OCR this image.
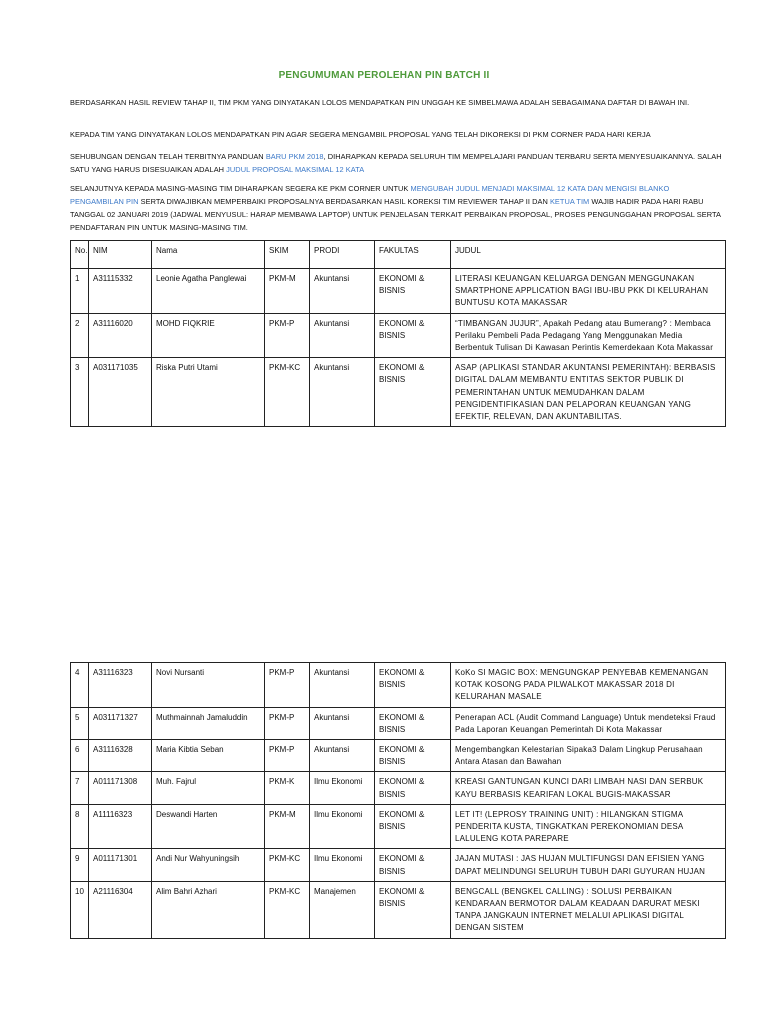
PENGUMUMAN PEROLEHAN PIN BATCH II
BERDASARKAN HASIL REVIEW TAHAP II, TIM PKM YANG DINYATAKAN LOLOS MENDAPATKAN PIN UNGGAH KE SIMBELMAWA ADALAH SEBAGAIMANA DAFTAR DI BAWAH INI.
KEPADA TIM YANG DINYATAKAN LOLOS MENDAPATKAN PIN AGAR SEGERA MENGAMBIL PROPOSAL YANG TELAH DIKOREKSI DI PKM CORNER PADA HARI KERJA
SEHUBUNGAN DENGAN TELAH TERBITNYA PANDUAN BARU PKM 2018, DIHARAPKAN KEPADA SELURUH TIM MEMPELAJARI PANDUAN TERBARU SERTA MENYESUAIKANNYA. SALAH SATU YANG HARUS DISESUAIKAN ADALAH JUDUL PROPOSAL MAKSIMAL 12 KATA
SELANJUTNYA KEPADA MASING-MASING TIM DIHARAPKAN SEGERA KE PKM CORNER UNTUK MENGUBAH JUDUL MENJADI MAKSIMAL 12 KATA DAN MENGISI BLANKO PENGAMBILAN PIN SERTA DIWAJIBKAN MEMPERBAIKI PROPOSALNYA BERDASARKAN HASIL KOREKSI TIM REVIEWER TAHAP II DAN KETUA TIM WAJIB HADIR PADA HARI RABU TANGGAL 02 JANUARI 2019 (JADWAL MENYUSUL: HARAP MEMBAWA LAPTOP) UNTUK PENJELASAN TERKAIT PERBAIKAN PROPOSAL, PROSES PENGUNGGAHAN PROPOSAL SERTA PENDAFTARAN PIN UNTUK MASING-MASING TIM.
No.	NIM	Nama	SKIM	PRODI	FAKULTAS	JUDUL
1	A31115332	Leonie Agatha Panglewai	PKM-M	Akuntansi	EKONOMI & BISNIS	LITERASI KEUANGAN KELUARGA DENGAN MENGGUNAKAN SMARTPHONE APPLICATION BAGI IBU-IBU PKK DI KELURAHAN BUNTUSU KOTA MAKASSAR
2	A31116020	MOHD FIQKRIE	PKM-P	Akuntansi	EKONOMI & BISNIS	“TIMBANGAN JUJUR”, Apakah Pedang atau Bumerang? : Membaca Perilaku Pembeli Pada Pedagang Yang Menggunakan Media Berbentuk Tulisan Di Kawasan Perintis Kemerdekaan Kota Makassar
3	A031171035	Riska Putri Utami	PKM-KC	Akuntansi	EKONOMI & BISNIS	ASAP (APLIKASI STANDAR AKUNTANSI PEMERINTAH): BERBASIS DIGITAL DALAM MEMBANTU ENTITAS SEKTOR PUBLIK DI PEMERINTAHAN UNTUK MEMUDAHKAN DALAM PENGIDENTIFIKASIAN DAN PELAPORAN KEUANGAN YANG EFEKTIF, RELEVAN, DAN AKUNTABILITAS.
4	A31116323	Novi Nursanti	PKM-P	Akuntansi	EKONOMI & BISNIS	KoKo SI MAGIC BOX: MENGUNGKAP PENYEBAB KEMENANGAN KOTAK KOSONG PADA PILWALKOT MAKASSAR 2018 DI KELURAHAN MASALE
5	A031171327	Muthmainnah Jamaluddin	PKM-P	Akuntansi	EKONOMI & BISNIS	Penerapan ACL (Audit Command Language) Untuk mendeteksi Fraud Pada Laporan Keuangan Pemerintah Di Kota Makassar
6	A31116328	Maria Kibtia Seban	PKM-P	Akuntansi	EKONOMI & BISNIS	Mengembangkan Kelestarian Sipaka3 Dalam Lingkup Perusahaan Antara Atasan dan Bawahan
7	A011171308	Muh. Fajrul	PKM-K	Ilmu Ekonomi	EKONOMI & BISNIS	KREASI GANTUNGAN KUNCI DARI LIMBAH NASI DAN SERBUK KAYU BERBASIS KEARIFAN LOKAL BUGIS-MAKASSAR
8	A11116323	Deswandi Harten	PKM-M	Ilmu Ekonomi	EKONOMI & BISNIS	LET IT! (LEPROSY TRAINING UNIT) : HILANGKAN STIGMA PENDERITA KUSTA, TINGKATKAN PEREKONOMIAN DESA LALULENG KOTA PAREPARE
9	A011171301	Andi Nur Wahyuningsih	PKM-KC	Ilmu Ekonomi	EKONOMI & BISNIS	JAJAN MUTASI : JAS HUJAN MULTIFUNGSI DAN EFISIEN YANG DAPAT MELINDUNGI SELURUH TUBUH DARI GUYURAN HUJAN
10	A21116304	Alim Bahri Azhari	PKM-KC	Manajemen	EKONOMI & BISNIS	BENGCALL (BENGKEL CALLING) : SOLUSI PERBAIKAN KENDARAAN BERMOTOR DALAM KEADAAN DARURAT MESKI TANPA JANGKAUN INTERNET MELALUI APLIKASI DIGITAL DENGAN SISTEM
